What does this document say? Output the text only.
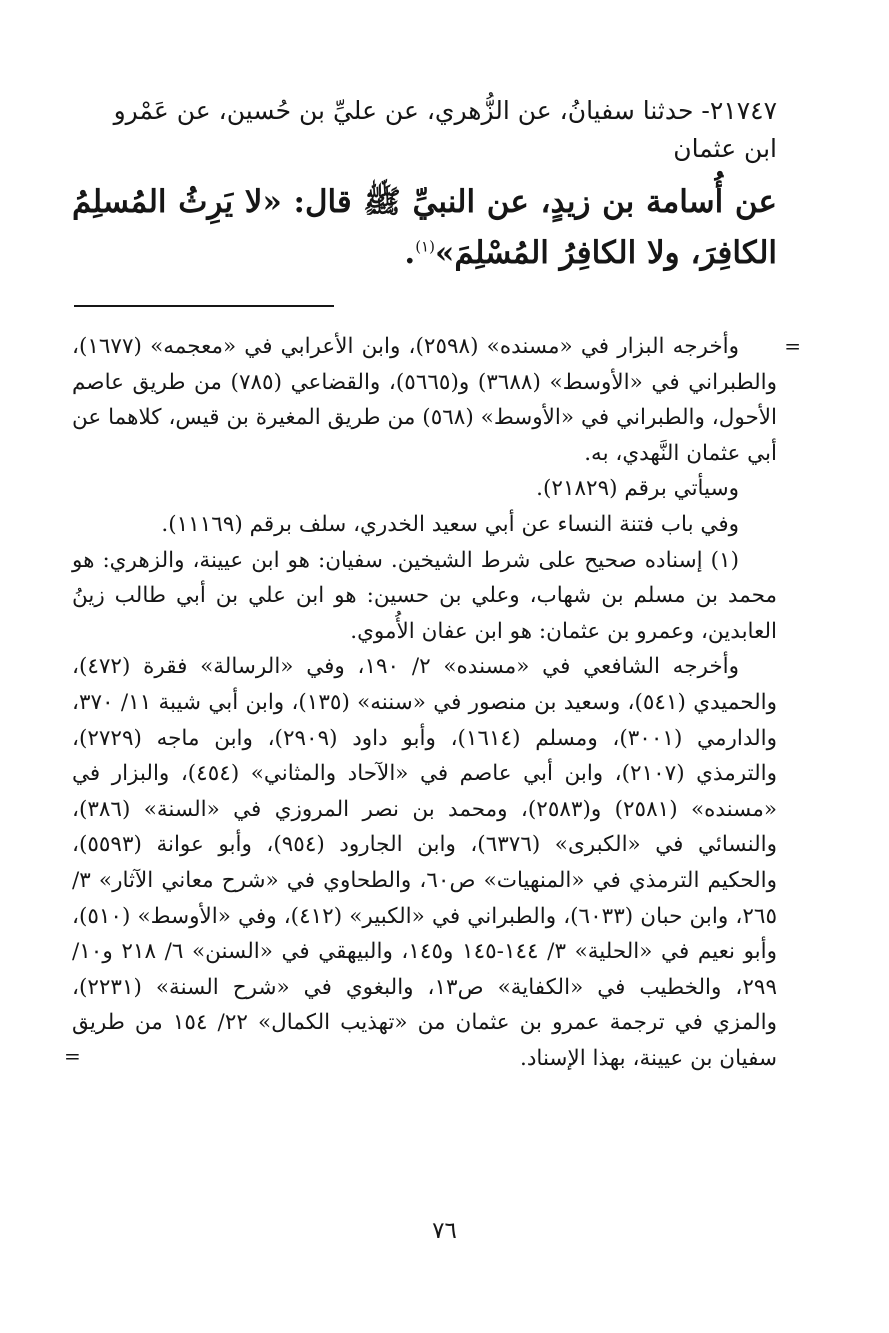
٢١٧٤٧- حدثنا سفيانُ، عن الزُّهري، عن عليِّ بن حُسين، عن عَمْرو

ابن عثمان

عن أُسامة بن زيدٍ، عن النبيِّ ﷺ قال: «لا يَرِثُ المُسلِمُ الكافِرَ، ولا الكافِرُ المُسْلِمَ»$^{(١)}$.

=

وأخرجه البزار في «مسنده» (٢٥٩٨)، وابن الأعرابي في «معجمه» (١٦٧٧)، والطبراني في «الأوسط» (٣٦٨٨) و(٥٦٦٥)، والقضاعي (٧٨٥) من طريق عاصم الأحول، والطبراني في «الأوسط» (٥٦٨) من طريق المغيرة بن قيس، كلاهما عن أبي عثمان النَّهدي، به.

وسيأتي برقم (٢١٨٢٩).

وفي باب فتنة النساء عن أبي سعيد الخدري، سلف برقم (١١١٦٩).

(١) إسناده صحيح على شرط الشيخين. سفيان: هو ابن عيينة، والزهري: هو محمد بن مسلم بن شهاب، وعلي بن حسين: هو ابن علي بن أبي طالب زينُ العابدين، وعمرو بن عثمان: هو ابن عفان الأُموي.

وأخرجه الشافعي في «مسنده» ٢/ ١٩٠، وفي «الرسالة» فقرة (٤٧٢)، والحميدي (٥٤١)، وسعيد بن منصور في «سننه» (١٣٥)، وابن أبي شيبة ١١/ ٣٧٠، والدارمي (٣٠٠١)، ومسلم (١٦١٤)، وأبو داود (٢٩٠٩)، وابن ماجه (٢٧٢٩)، والترمذي (٢١٠٧)، وابن أبي عاصم في «الآحاد والمثاني» (٤٥٤)، والبزار في «مسنده» (٢٥٨١) و(٢٥٨٣)، ومحمد بن نصر المروزي في «السنة» (٣٨٦)، والنسائي في «الكبرى» (٦٣٧٦)، وابن الجارود (٩٥٤)، وأبو عوانة (٥٥٩٣)، والحكيم الترمذي في «المنهيات» ص٦٠، والطحاوي في «شرح معاني الآثار» ٣/ ٢٦٥، وابن حبان (٦٠٣٣)، والطبراني في «الكبير» (٤١٢)، وفي «الأوسط» (٥١٠)، وأبو نعيم في «الحلية» ٣/ ١٤٤-١٤٥ و١٤٥، والبيهقي في «السنن» ٦/ ٢١٨ و١٠/ ٢٩٩، والخطيب في «الكفاية» ص١٣، والبغوي في «شرح السنة» (٢٢٣١)، والمزي في ترجمة عمرو بن عثمان من «تهذيب الكمال» ٢٢/ ١٥٤ من طريق سفيان بن عيينة، بهذا الإسناد.

=
٧٦
